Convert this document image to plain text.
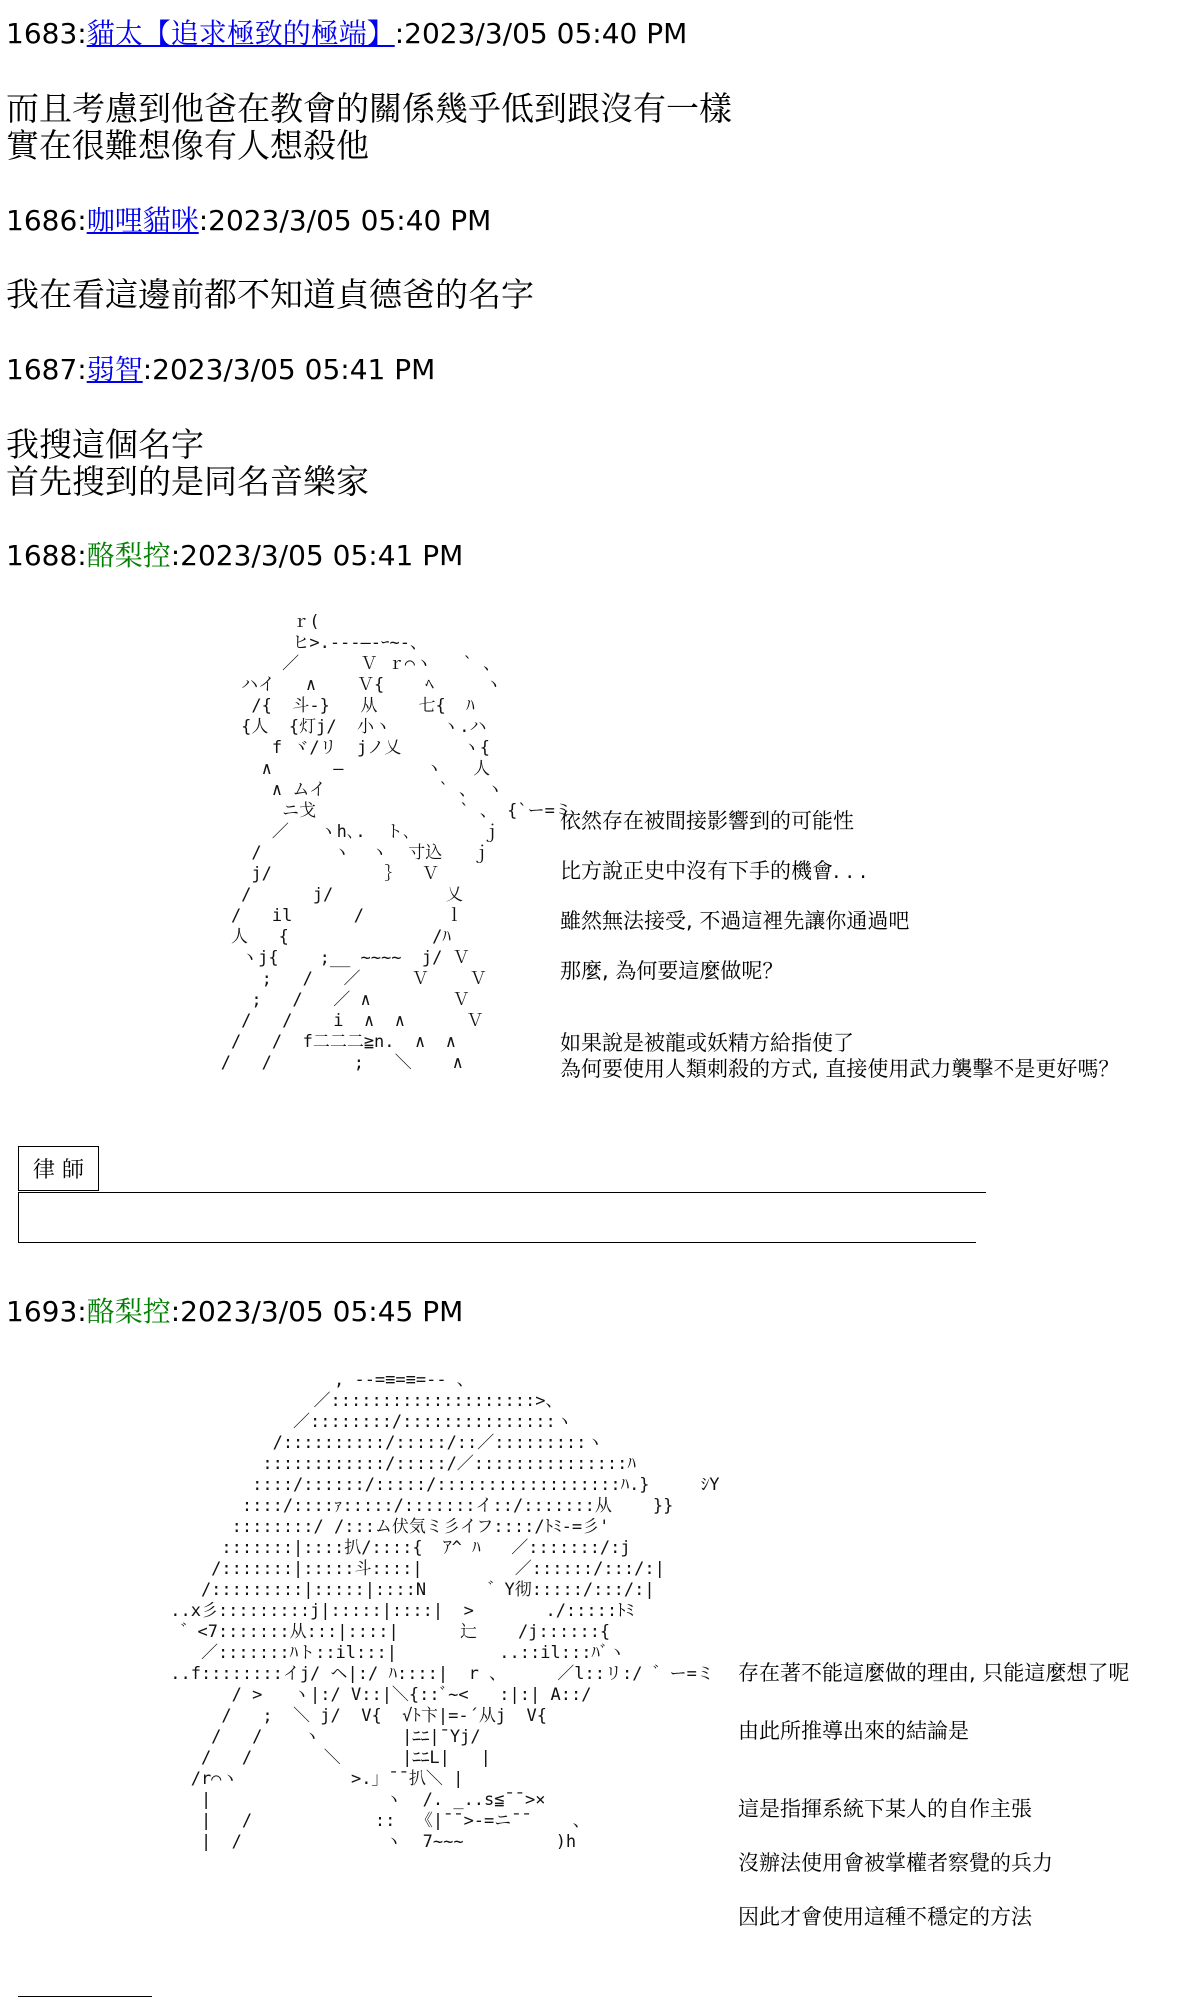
1683:貓太【追求極致的極端】:2023/3/05 05:40 PM
而且考慮到他爸在教會的關係幾乎低到跟沒有一樣
實在很難想像有人想殺他
1686:咖哩貓咪:2023/3/05 05:40 PM
我在看這邊前都不知道貞德爸的名字
1687:弱智:2023/3/05 05:41 PM
我搜這個名字
首先搜到的是同名音樂家
1688:酪梨控:2023/3/05 05:41 PM
ｒ(
ヒ>.--‐―‐ｰ~-、
／      Ｖ ｒ⌒ヽ   ` 、
ハイ   ∧    Ｖ{    ﾍ     ヽ
/{  斗-}   从    七{  ﾊ
{人  {灯j/  小ヽ     ヽ.ハ
f ヾ/リ  jノ乂      ヽ{
∧      ―        ヽ   人
∧ ムイ           ` 、 ヽ
ニ戈              ` 、 {`ー=ミ
／   ヽh､.  ト､       ｊ
/       ヽ  ヽ  寸込   ｊ
j/           ｝  Ｖ
/      j/           乂
/   il      /        ｌ
人   {              /ﾊ
ヽj{    ;__ ~~~~  j/ Ｖ
;   /   ／     Ｖ    Ｖ
;   /   ／ ∧        Ｖ
/   /    i  ∧  ∧      Ｖ
/   /  f二二二≧n.  ∧  ∧
/   /        ;   ＼    ∧
律 師
依然存在被間接影響到的可能性
比方說正史中沒有下手的機會. . .
雖然無法接受, 不過這裡先讓你通過吧
那麼, 為何要這麼做呢？
如果說是被龍或妖精方給指使了
為何要使用人類刺殺的方式, 直接使用武力襲擊不是更好嗎？
1693:酪梨控:2023/3/05 05:45 PM
, --=≡=≡=-- 、
／::::::::::::::::::::>、
／::::::::/:::::::::::::::ヽ
/::::::::::/:::::/::／:::::::::ヽ
::::::::::::/:::::/／:::::::::::::::ﾊ
::::/::::::/:::::/::::::::::::::::::ﾊ.}     ｼY
::::/::::ｧ:::::/:::::::イ::/:::::::从    }}
::::::::/ /:::ム伏気ミ彡イフ::::/ﾄﾐ-=彡'
:::::::|::::扒/::::{  ｱ^ ﾊ   ／:::::::/:j
/:::::::|:::::斗::::|         ／::::::/:::/:|
/:::::::::|:::::|::::N      ゛Y彻:::::/:::/:|
..x彡:::::::::j|:::::|::::|  >       ./:::::ﾄﾐ
゛<7:::::::从:::|::::|      辷    /j::::::{
／:::::::ﾊト::il:::|          ..::il:::ﾊﾞヽ
..f::::::::イj/ ヘ|:/ ﾊ::::|  r 、     ／l::リ:/ ゛ー=ミ
/ >   ヽ|:/ V::|＼{::ﾞ~<   :|:| A::/
/   ;  ＼ j/  V{  √ﾄ卞|=-´从j  V{
/   /    ヽ        |ﾆﾆ|¯Yj/
/   /       ＼      |ﾆﾆL|   |
/r⌒ヽ           >.」¯¯扒＼ |
|                 ヽ  /. _..s≦¯¯>×
|   /            ::  《|¯¯>-=ニ¯¯    、
|  /              ヽ  7~~~         )h
存在著不能這麼做的理由, 只能這麼想了呢
由此所推導出來的結論是
這是指揮系統下某人的自作主張
沒辦法使用會被掌權者察覺的兵力
因此才會使用這種不穩定的方法
